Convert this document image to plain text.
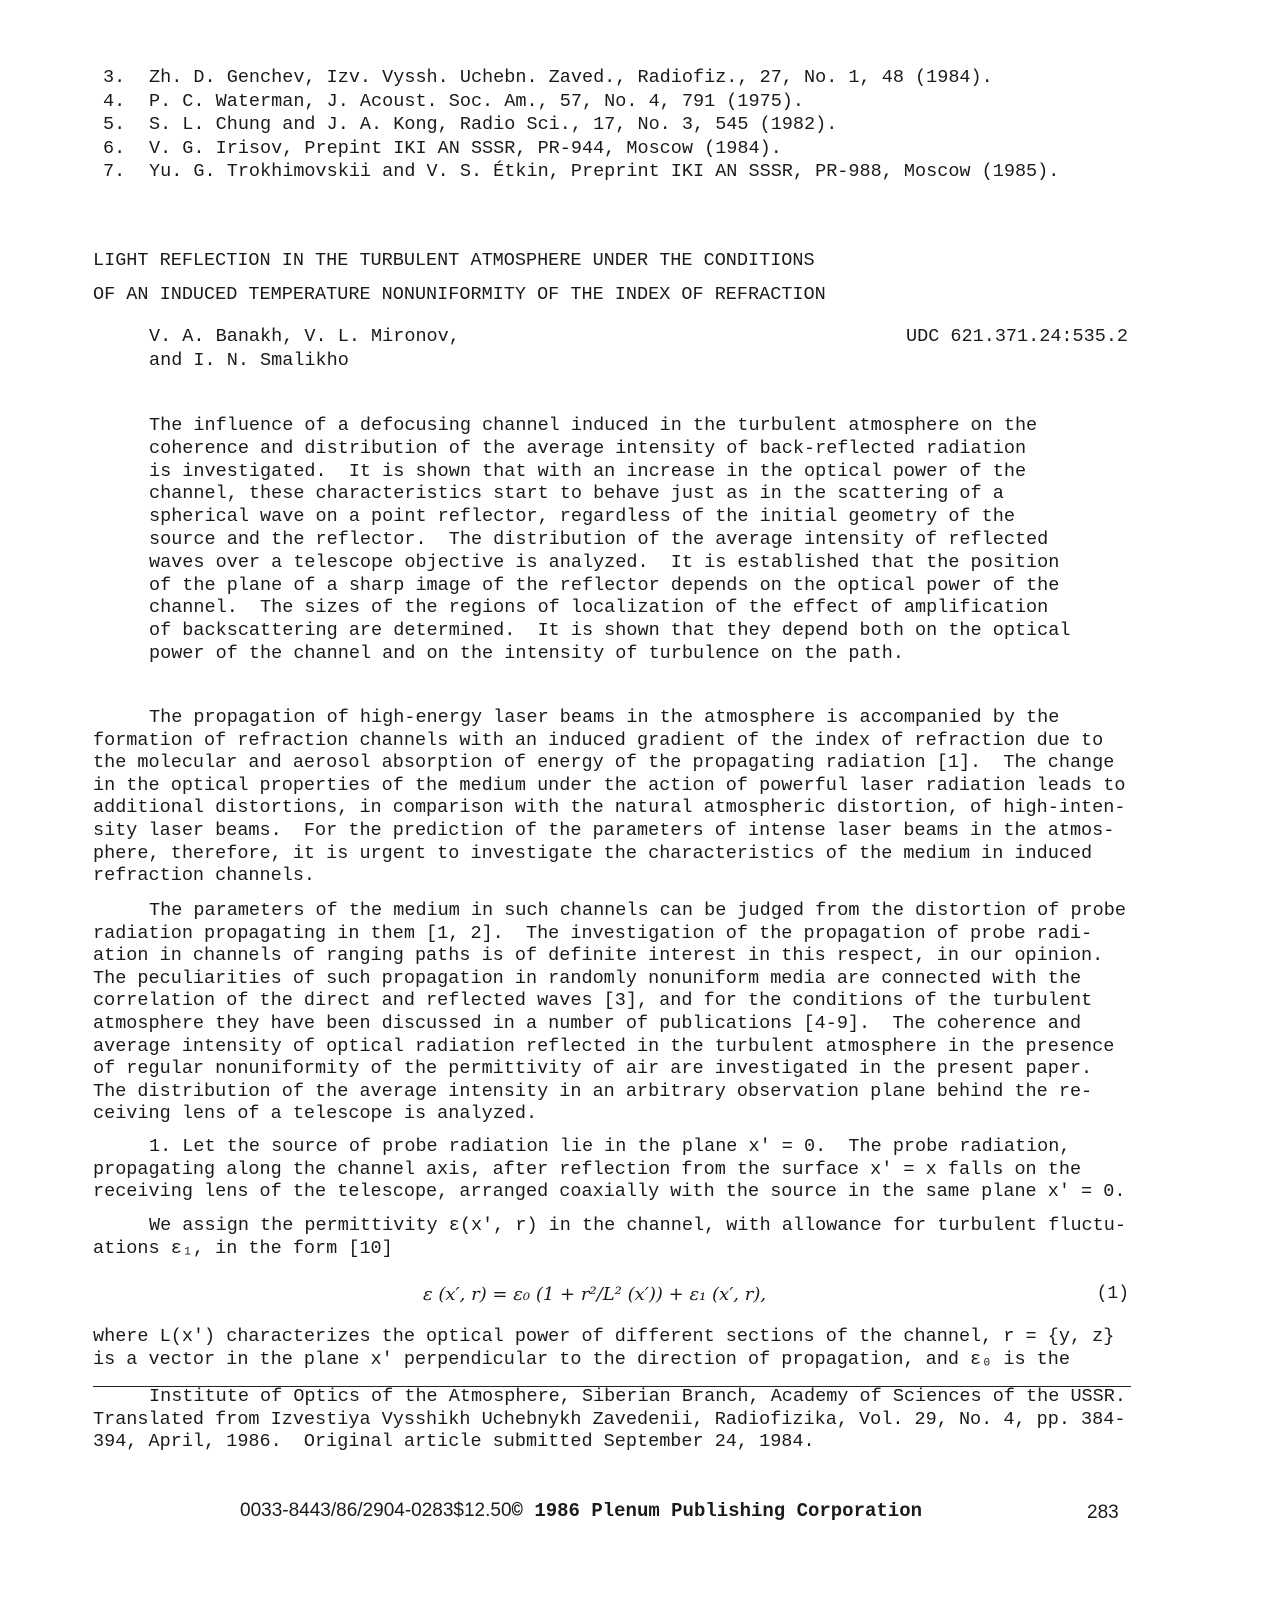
3. Zh. D. Genchev, Izv. Vyssh. Uchebn. Zaved., Radiofiz., 27, No. 1, 48 (1984).
4. P. C. Waterman, J. Acoust. Soc. Am., 57, No. 4, 791 (1975).
5. S. L. Chung and J. A. Kong, Radio Sci., 17, No. 3, 545 (1982).
6. V. G. Irisov, Prepint IKI AN SSSR, PR-944, Moscow (1984).
7. Yu. G. Trokhimovskii and V. S. Étkin, Preprint IKI AN SSSR, PR-988, Moscow (1985).
LIGHT REFLECTION IN THE TURBULENT ATMOSPHERE UNDER THE CONDITIONS
OF AN INDUCED TEMPERATURE NONUNIFORMITY OF THE INDEX OF REFRACTION
V. A. Banakh, V. L. Mironov,
and I. N. Smalikho
UDC 621.371.24:535.2
The influence of a defocusing channel induced in the turbulent atmosphere on the
coherence and distribution of the average intensity of back-reflected radiation
is investigated.  It is shown that with an increase in the optical power of the
channel, these characteristics start to behave just as in the scattering of a
spherical wave on a point reflector, regardless of the initial geometry of the
source and the reflector.  The distribution of the average intensity of reflected
waves over a telescope objective is analyzed.  It is established that the position
of the plane of a sharp image of the reflector depends on the optical power of the
channel.  The sizes of the regions of localization of the effect of amplification
of backscattering are determined.  It is shown that they depend both on the optical
power of the channel and on the intensity of turbulence on the path.
The propagation of high-energy laser beams in the atmosphere is accompanied by the
formation of refraction channels with an induced gradient of the index of refraction due to
the molecular and aerosol absorption of energy of the propagating radiation [1].  The change
in the optical properties of the medium under the action of powerful laser radiation leads to
additional distortions, in comparison with the natural atmospheric distortion, of high-inten-
sity laser beams.  For the prediction of the parameters of intense laser beams in the atmos-
phere, therefore, it is urgent to investigate the characteristics of the medium in induced
refraction channels.
The parameters of the medium in such channels can be judged from the distortion of probe
radiation propagating in them [1, 2].  The investigation of the propagation of probe radi-
ation in channels of ranging paths is of definite interest in this respect, in our opinion.
The peculiarities of such propagation in randomly nonuniform media are connected with the
correlation of the direct and reflected waves [3], and for the conditions of the turbulent
atmosphere they have been discussed in a number of publications [4-9].  The coherence and
average intensity of optical radiation reflected in the turbulent atmosphere in the presence
of regular nonuniformity of the permittivity of air are investigated in the present paper.
The distribution of the average intensity in an arbitrary observation plane behind the re-
ceiving lens of a telescope is analyzed.
1. Let the source of probe radiation lie in the plane x' = 0.  The probe radiation,
propagating along the channel axis, after reflection from the surface x' = x falls on the
receiving lens of the telescope, arranged coaxially with the source in the same plane x' = 0.
We assign the permittivity ε(x', r) in the channel, with allowance for turbulent fluctu-
ations ε₁, in the form [10]
ε (x′, r) = ε₀ (1 + r²/L² (x′)) + ε₁ (x′, r),	(1)
where L(x') characterizes the optical power of different sections of the channel, r = {y, z}
is a vector in the plane x' perpendicular to the direction of propagation, and ε₀ is the
Institute of Optics of the Atmosphere, Siberian Branch, Academy of Sciences of the USSR.
Translated from Izvestiya Vysshikh Uchebnykh Zavedenii, Radiofizika, Vol. 29, No. 4, pp. 384-
394, April, 1986.  Original article submitted September 24, 1984.
0033-8443/86/2904-0283$12.50© 1986 Plenum Publishing Corporation	283
